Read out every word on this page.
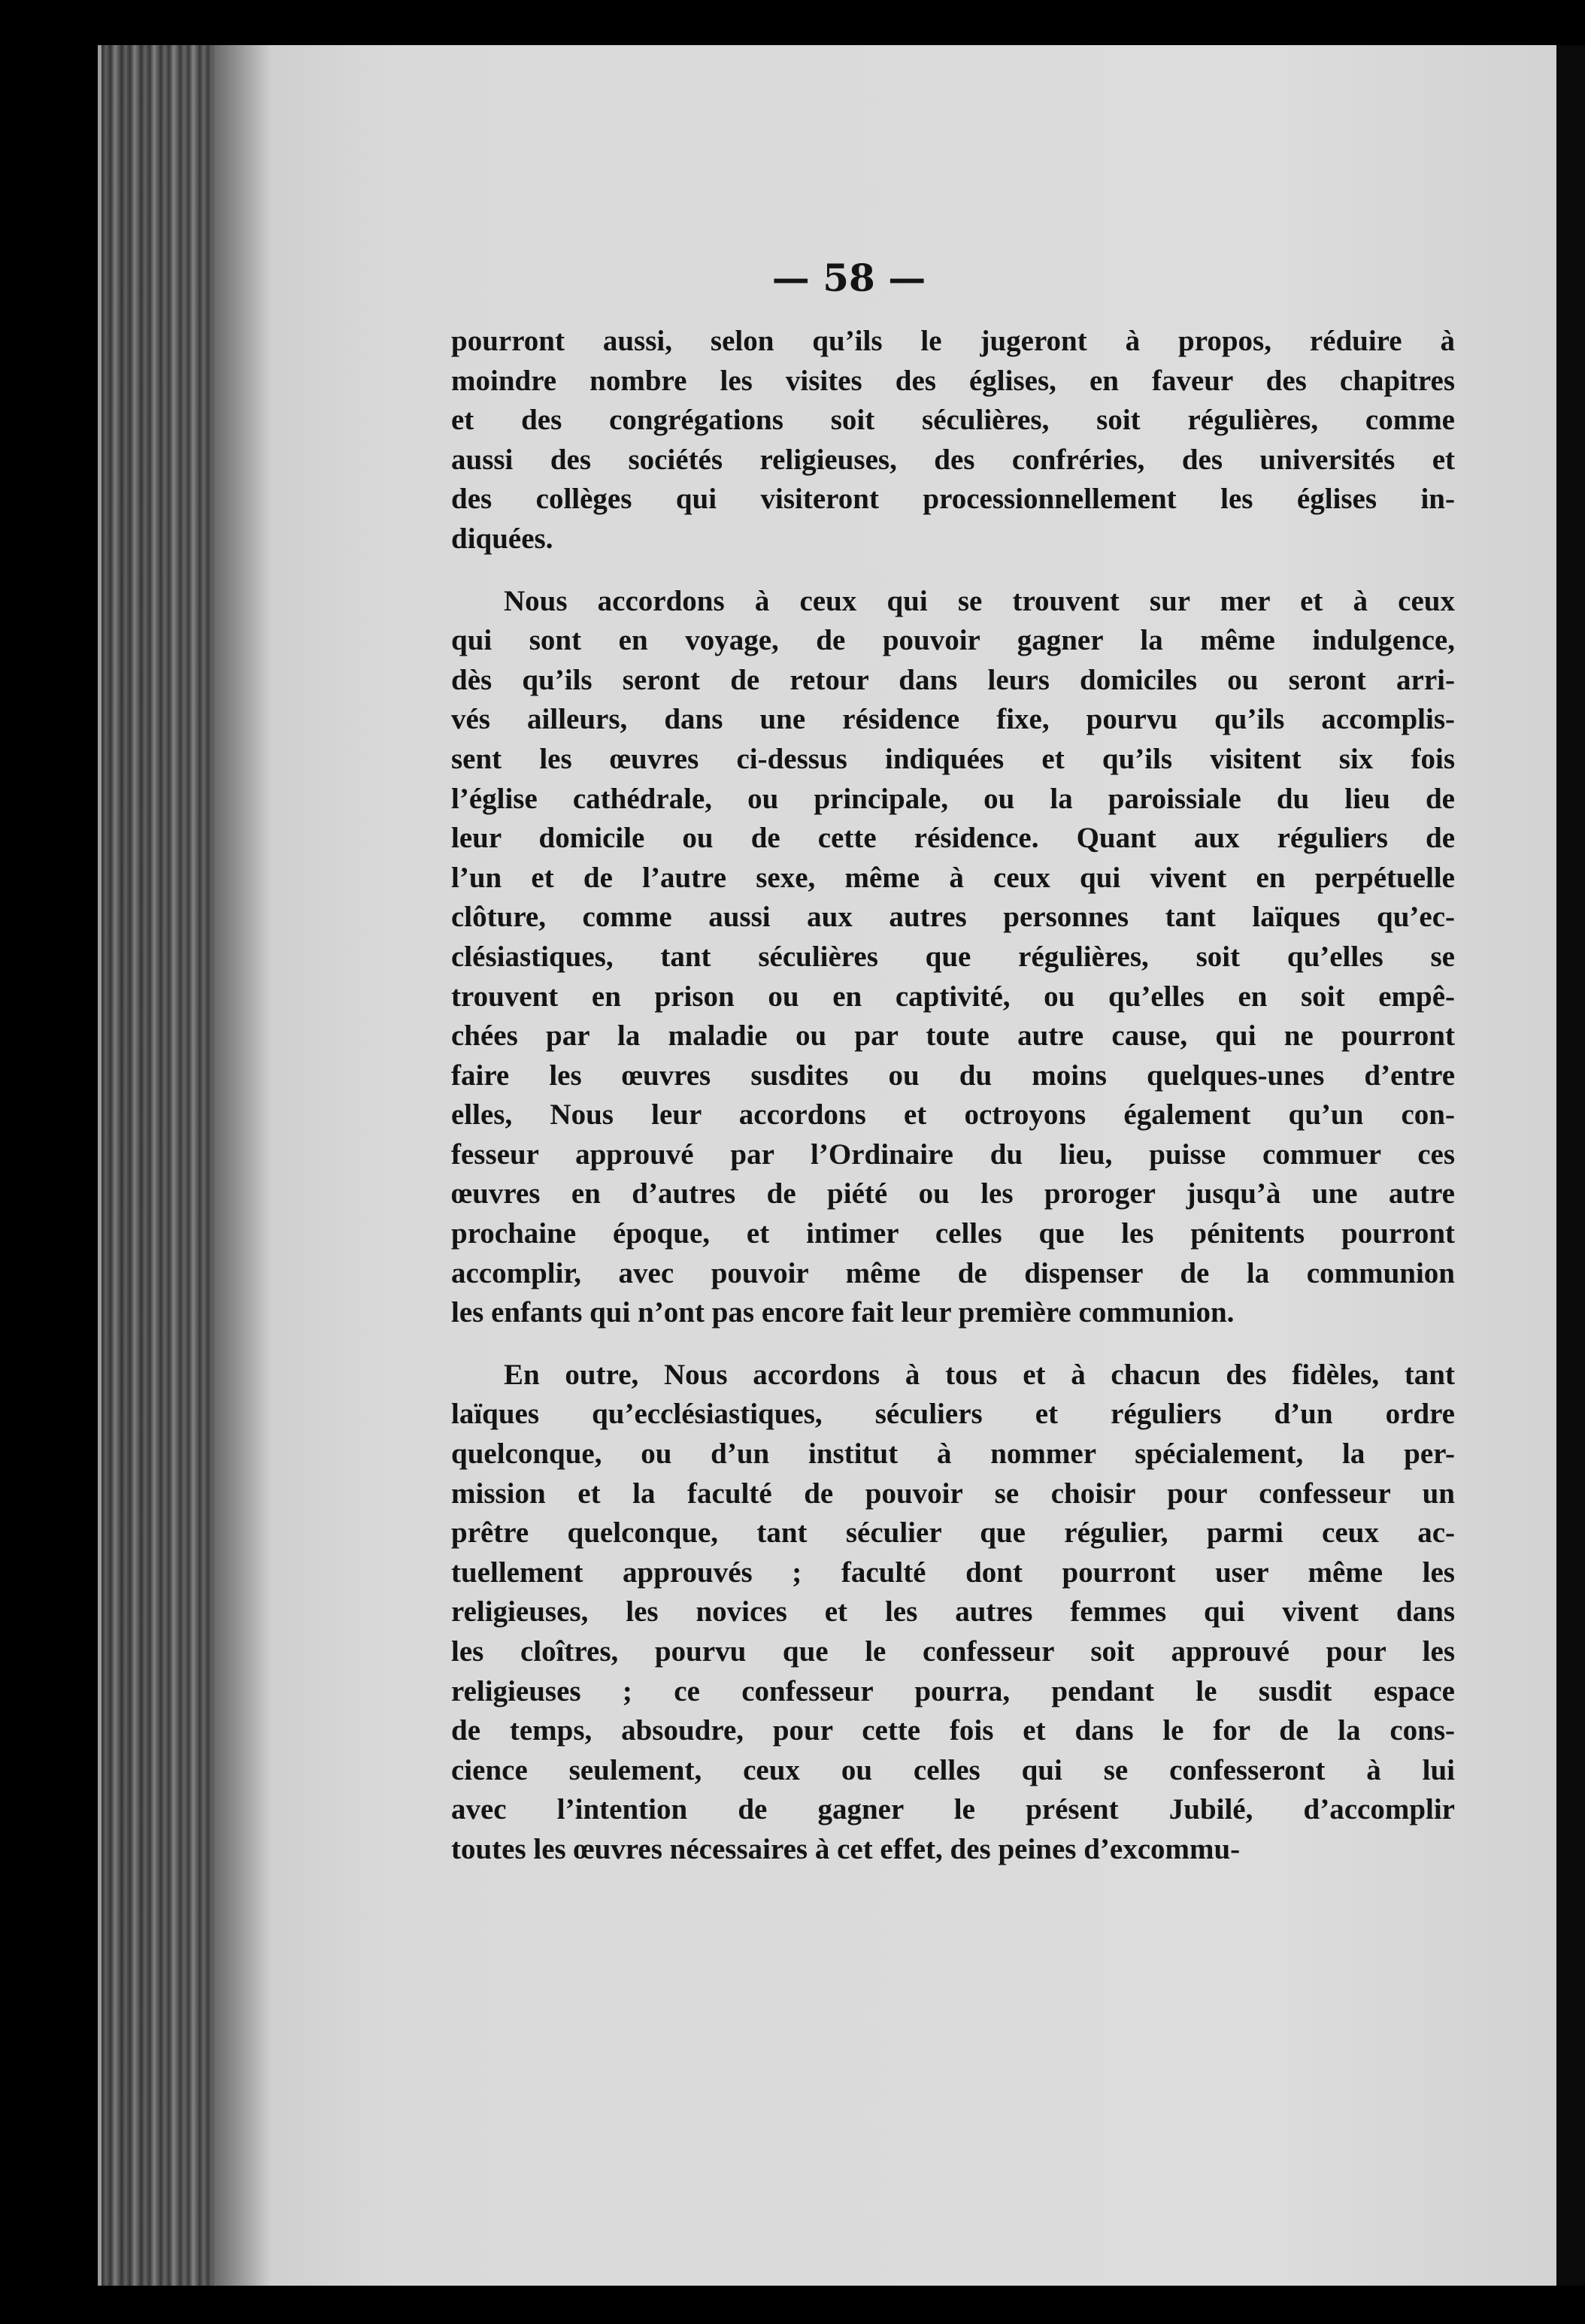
— 58 —
pourront aussi, selon qu’ils le jugeront à propos, réduire à
moindre nombre les visites des églises, en faveur des chapitres
et des congrégations soit séculières, soit régulières, comme
aussi des sociétés religieuses, des confréries, des universités et
des collèges qui visiteront processionnellement les églises in-
diquées.
Nous accordons à ceux qui se trouvent sur mer et à ceux
qui sont en voyage, de pouvoir gagner la même indulgence,
dès qu’ils seront de retour dans leurs domiciles ou seront arri-
vés ailleurs, dans une résidence fixe, pourvu qu’ils accomplis-
sent les œuvres ci-dessus indiquées et qu’ils visitent six fois
l’église cathédrale, ou principale, ou la paroissiale du lieu de
leur domicile ou de cette résidence. Quant aux réguliers de
l’un et de l’autre sexe, même à ceux qui vivent en perpétuelle
clôture, comme aussi aux autres personnes tant laïques qu’ec-
clésiastiques, tant séculières que régulières, soit qu’elles se
trouvent en prison ou en captivité, ou qu’elles en soit empê-
chées par la maladie ou par toute autre cause, qui ne pourront
faire les œuvres susdites ou du moins quelques-unes d’entre
elles, Nous leur accordons et octroyons également qu’un con-
fesseur approuvé par l’Ordinaire du lieu, puisse commuer ces
œuvres en d’autres de piété ou les proroger jusqu’à une autre
prochaine époque, et intimer celles que les pénitents pourront
accomplir, avec pouvoir même de dispenser de la communion
les enfants qui n’ont pas encore fait leur première communion.
En outre, Nous accordons à tous et à chacun des fidèles, tant
laïques qu’ecclésiastiques, séculiers et réguliers d’un ordre
quelconque, ou d’un institut à nommer spécialement, la per-
mission et la faculté de pouvoir se choisir pour confesseur un
prêtre quelconque, tant séculier que régulier, parmi ceux ac-
tuellement approuvés ; faculté dont pourront user même les
religieuses, les novices et les autres femmes qui vivent dans
les cloîtres, pourvu que le confesseur soit approuvé pour les
religieuses ; ce confesseur pourra, pendant le susdit espace
de temps, absoudre, pour cette fois et dans le for de la cons-
cience seulement, ceux ou celles qui se confesseront à lui
avec l’intention de gagner le présent Jubilé, d’accomplir
toutes les œuvres nécessaires à cet effet, des peines d’excommu-
